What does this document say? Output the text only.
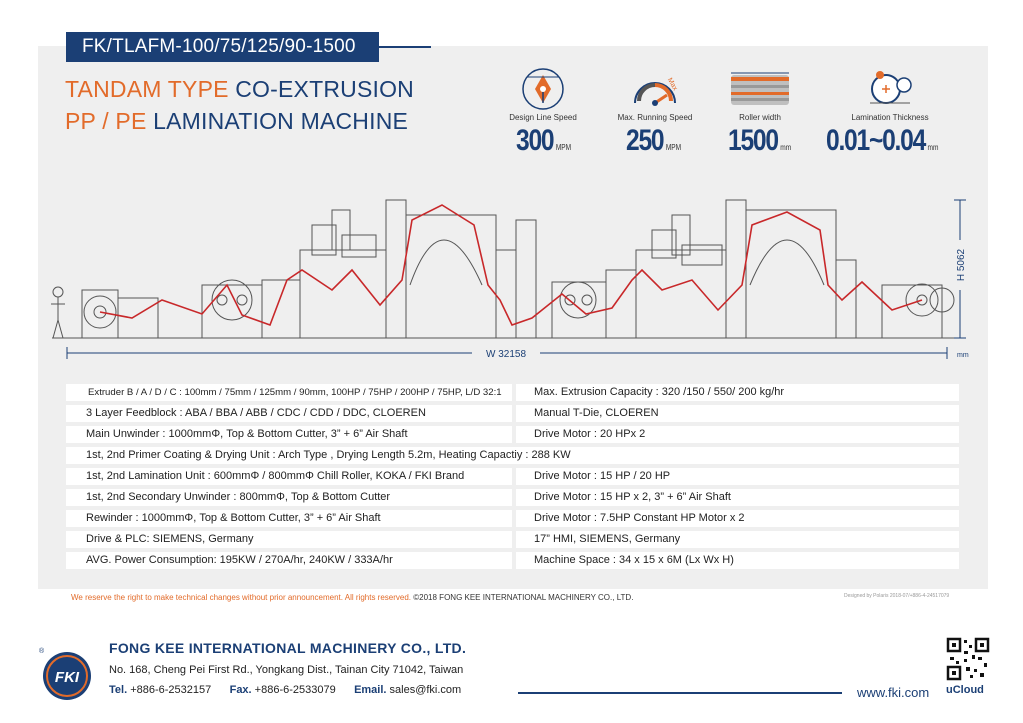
FK/TLAFM-100/75/125/90-1500
TANDAM TYPE CO-EXTRUSION
PP / PE LAMINATION MACHINE	Design Line Speed
300 MPM
Max
Max. Running Speed
250 MPM
Roller width
1500 mm
Lamination Thickness
0.01~0.04 mm
W 32158	mm
H 5062
Extruder B / A / D / C : 100mm / 75mm / 125mm / 90mm, 100HP / 75HP / 200HP / 75HP, L/D 32:1	Max. Extrusion Capacity : 320 /150 / 550/ 200 kg/hr
3 Layer Feedblock : ABA / BBA / ABB / CDC / CDD / DDC, CLOEREN	Manual T-Die, CLOEREN
Main Unwinder : 1000mmΦ, Top & Bottom Cutter, 3” + 6” Air Shaft	Drive Motor : 20 HPx 2
1st, 2nd Primer Coating & Drying Unit : Arch Type , Drying Length 5.2m, Heating Capactiy : 288 KW
1st, 2nd Lamination Unit : 600mmΦ / 800mmΦ Chill Roller, KOKA / FKI Brand	Drive Motor : 15 HP / 20 HP
1st, 2nd Secondary Unwinder : 800mmΦ, Top & Bottom Cutter	Drive Motor : 15 HP x 2, 3” + 6” Air Shaft
Rewinder : 1000mmΦ, Top & Bottom Cutter, 3” + 6” Air Shaft	Drive Motor : 7.5HP Constant HP Motor x 2
Drive & PLC: SIEMENS, Germany	17” HMI, SIEMENS, Germany
AVG. Power Consumption: 195KW / 270A/hr, 240KW / 333A/hr	Machine Space : 34 x 15 x 6M (Lx Wx H)
We reserve the right to make technical changes without prior announcement. All rights reserved. ©2018 FONG KEE INTERNATIONAL MACHINERY CO., LTD.	Designed by Polaris 2018-07/+886-4-24517079
FKI
®	FONG KEE INTERNATIONAL MACHINERY CO., LTD.
No. 168, Cheng Pei First Rd., Yongkang Dist., Tainan City 71042, Taiwan
Tel. +886-6-2532157 Fax. +886-6-2533079 Email. sales@fki.com	www.fki.com uCloud
